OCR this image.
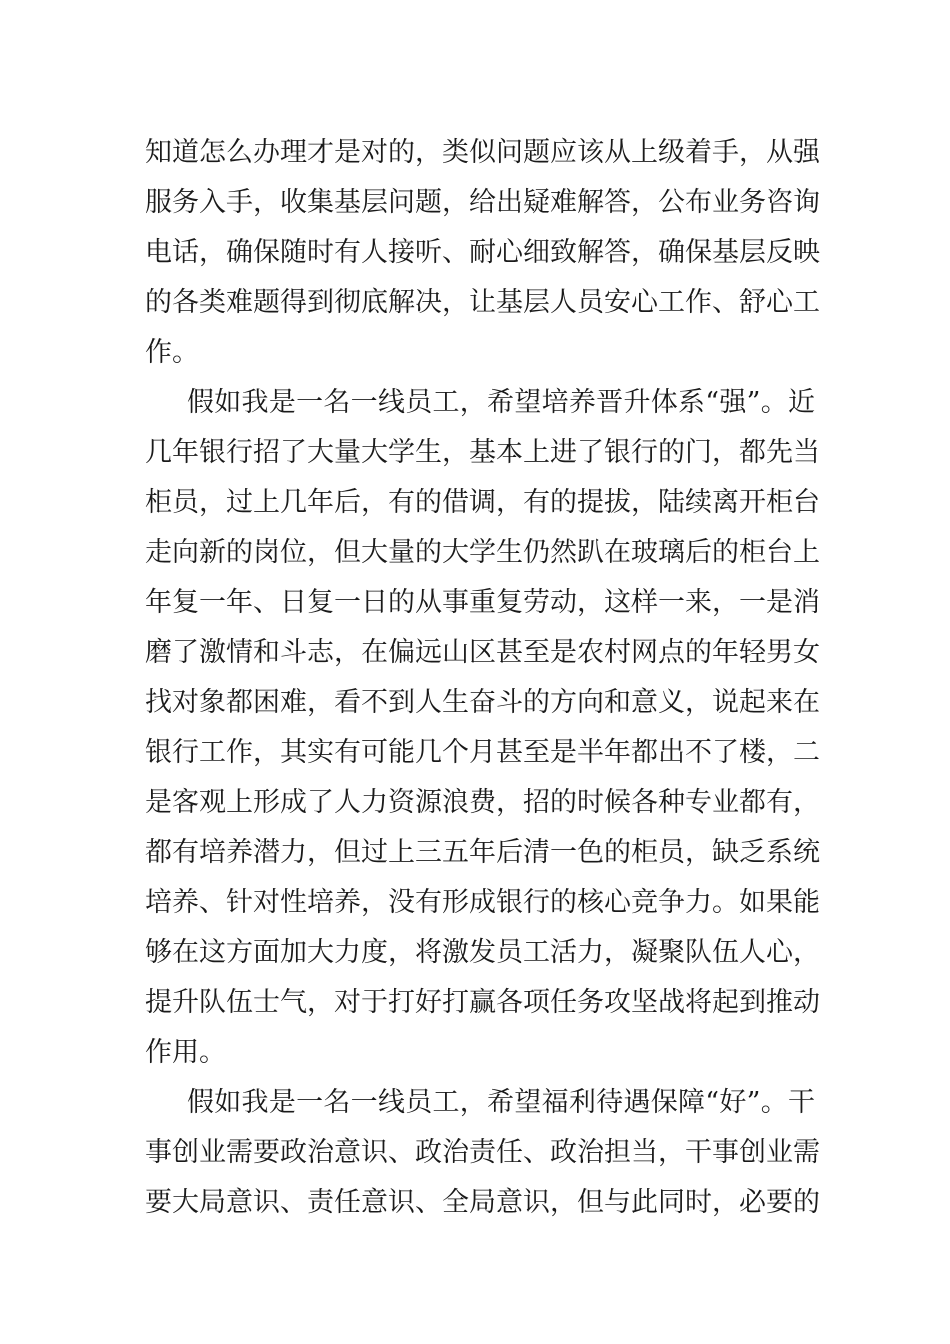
知道怎么办理才是对的，类似问题应该从上级着手，从强
服务入手，收集基层问题，给出疑难解答，公布业务咨询
电话，确保随时有人接听、耐心细致解答，确保基层反映
的各类难题得到彻底解决，让基层人员安心工作、舒心工
作。
假如我是一名一线员工，希望培养晋升体系“强”。近
几年银行招了大量大学生，基本上进了银行的门，都先当
柜员，过上几年后，有的借调，有的提拔，陆续离开柜台
走向新的岗位，但大量的大学生仍然趴在玻璃后的柜台上
年复一年、日复一日的从事重复劳动，这样一来，一是消
磨了激情和斗志，在偏远山区甚至是农村网点的年轻男女
找对象都困难，看不到人生奋斗的方向和意义，说起来在
银行工作，其实有可能几个月甚至是半年都出不了楼，二
是客观上形成了人力资源浪费，招的时候各种专业都有，
都有培养潜力，但过上三五年后清一色的柜员，缺乏系统
培养、针对性培养，没有形成银行的核心竞争力。如果能
够在这方面加大力度，将激发员工活力，凝聚队伍人心，
提升队伍士气，对于打好打赢各项任务攻坚战将起到推动
作用。
假如我是一名一线员工，希望福利待遇保障“好”。干
事创业需要政治意识、政治责任、政治担当，干事创业需
要大局意识、责任意识、全局意识，但与此同时，必要的
